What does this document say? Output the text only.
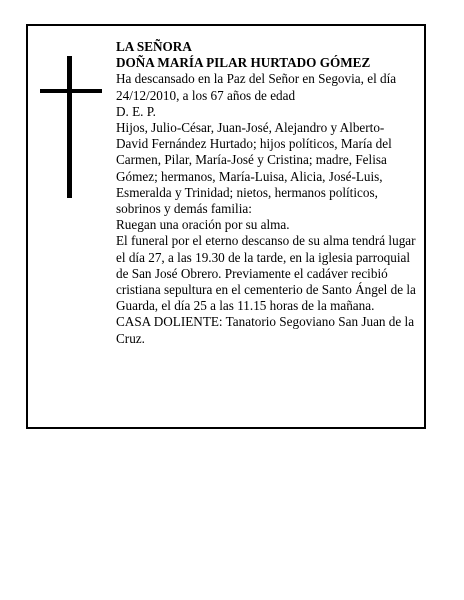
LA SEÑORA

DOÑA MARÍA PILAR HURTADO GÓMEZ

Ha descansado en la Paz del Señor en Segovia, el día 24/12/2010, a los 67 años de edad

D. E. P.

Hijos, Julio-César, Juan-José, Alejandro y Alberto-David Fernández Hurtado; hijos políticos, María del Carmen, Pilar, María-José y Cristina; madre, Felisa Gómez; hermanos, María-Luisa, Alicia, José-Luis, Esmeralda y Trinidad; nietos, hermanos políticos, sobrinos y demás familia:

Ruegan una oración por su alma.

El funeral por el eterno descanso de su alma tendrá lugar el día 27, a las 19.30 de la tarde, en la iglesia parroquial de San José Obrero. Previamente el cadáver recibió cristiana sepultura en el cementerio de Santo Ángel de la Guarda, el día 25 a las 11.15 horas de la mañana.

CASA DOLIENTE: Tanatorio Segoviano San Juan de la Cruz.
